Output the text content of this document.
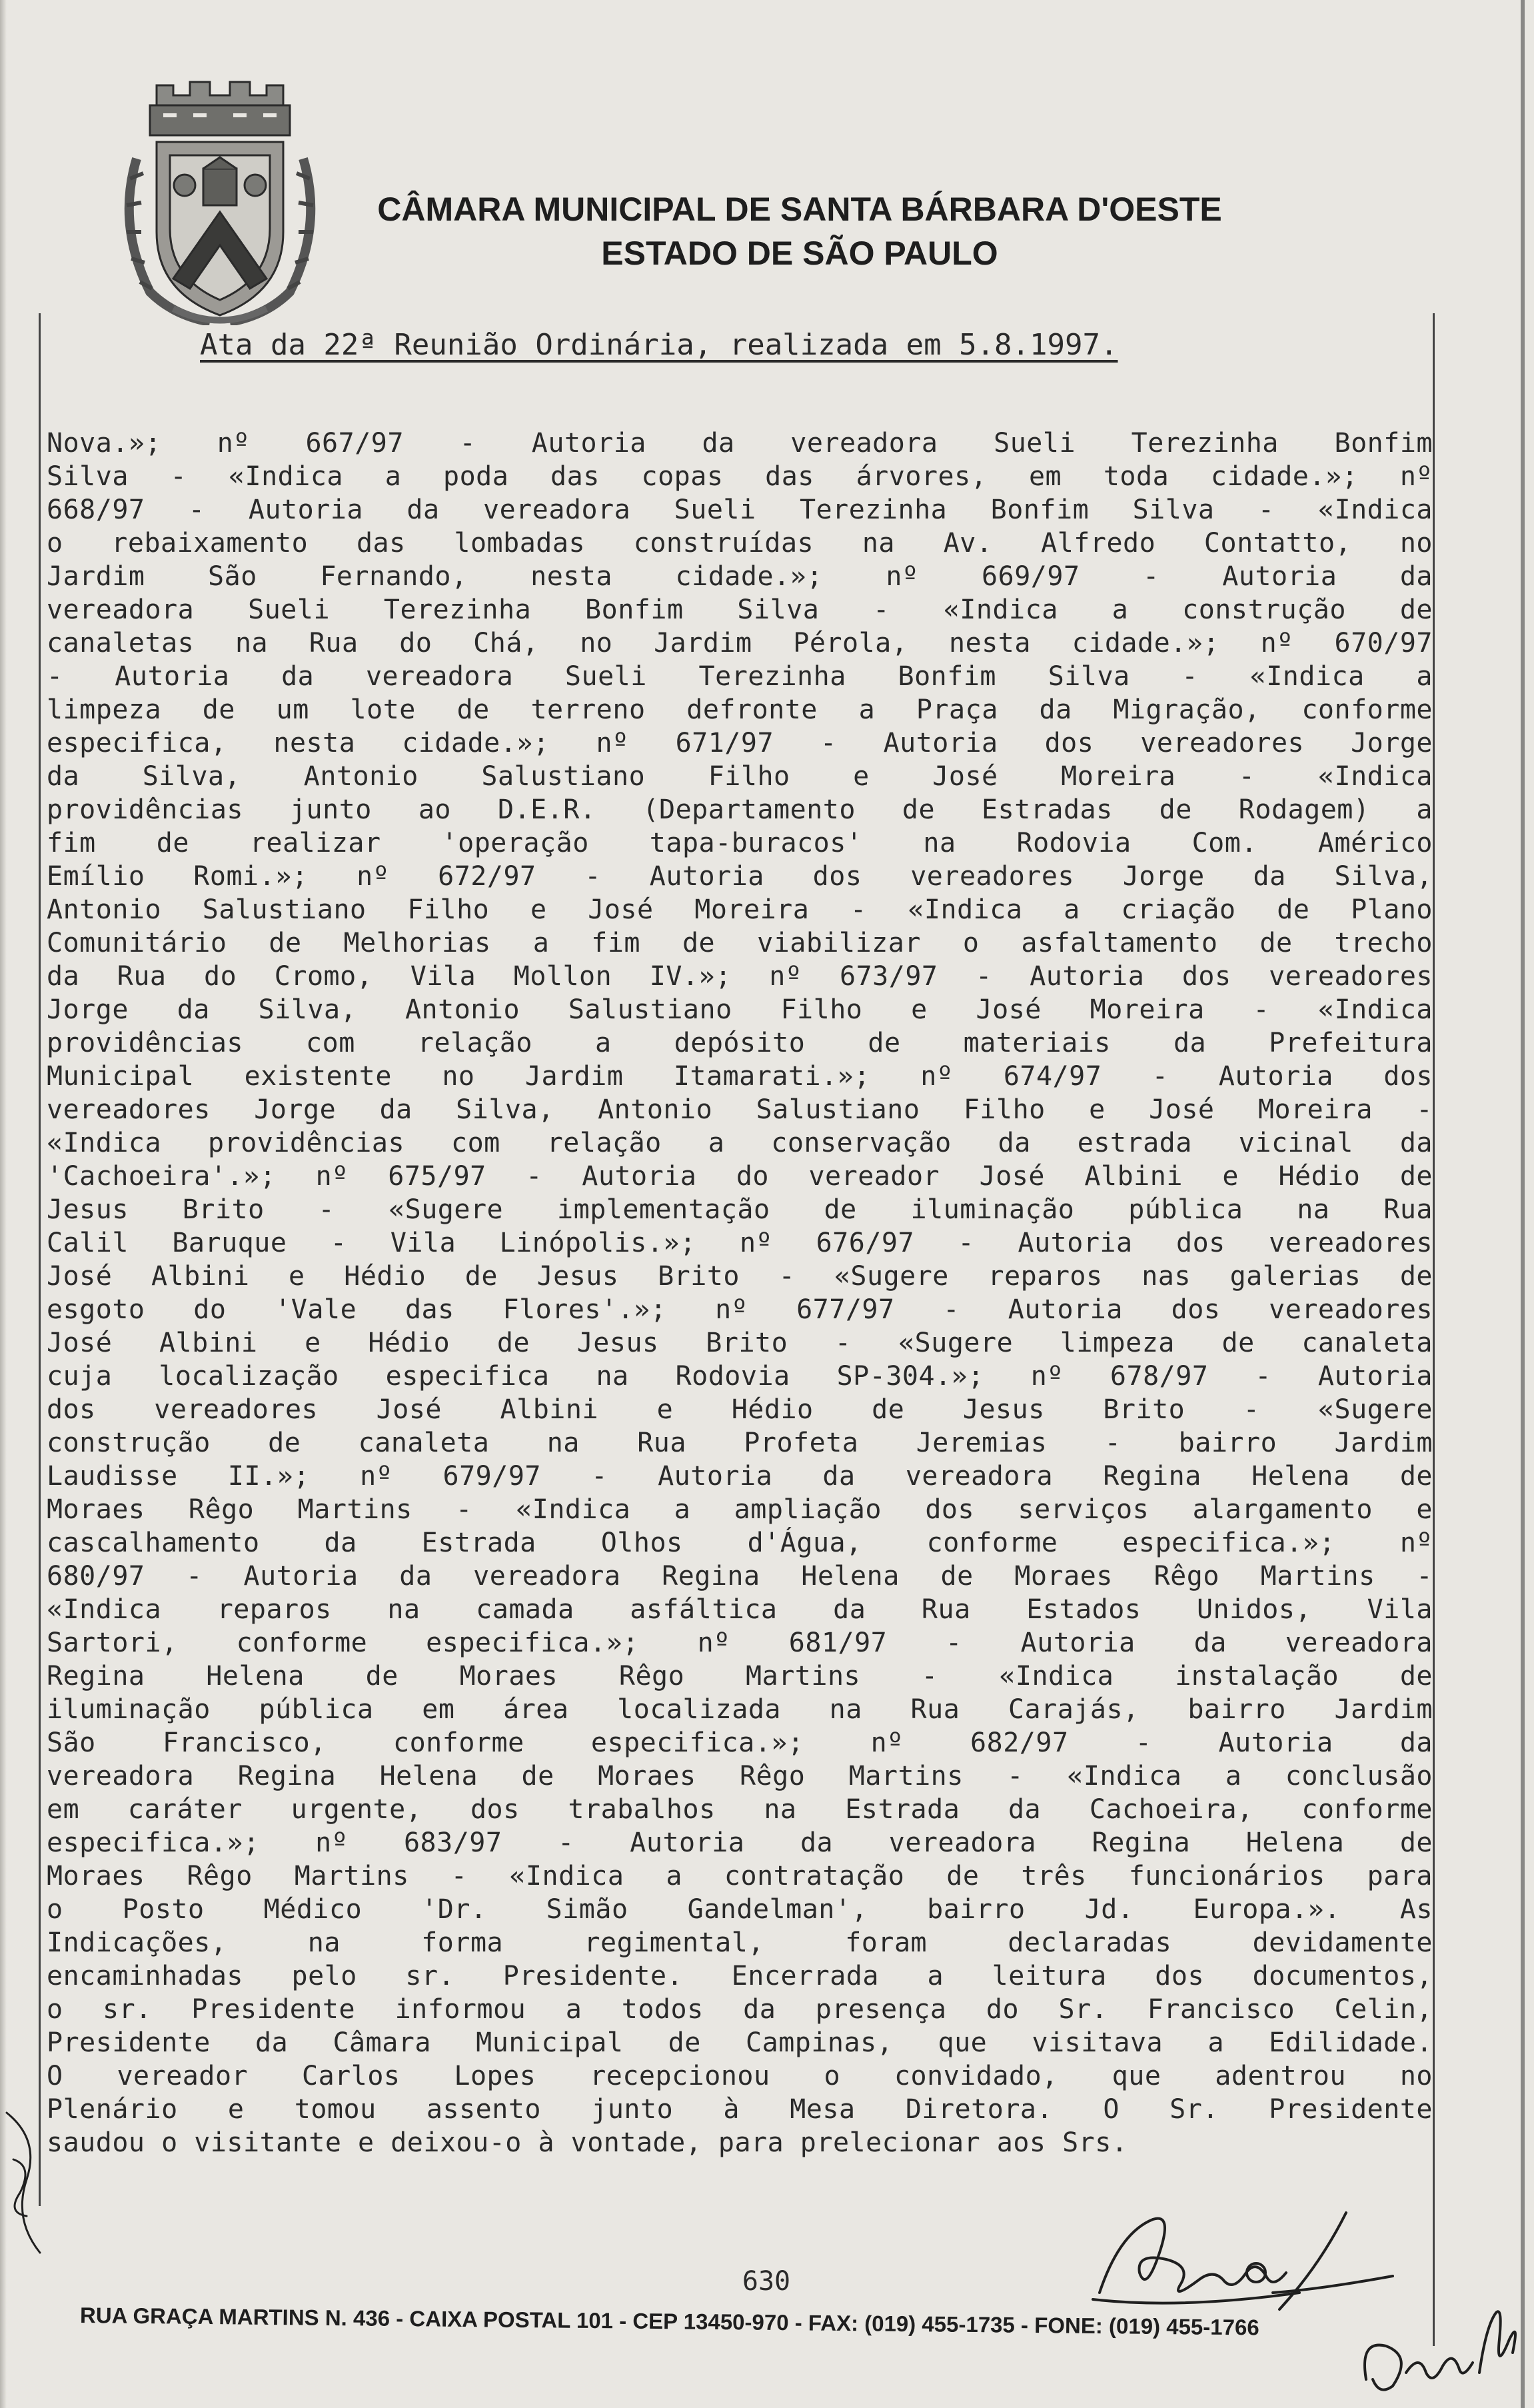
CÂMARA MUNICIPAL DE SANTA BÁRBARA D'OESTE
ESTADO DE SÃO PAULO
Ata da 22ª Reunião Ordinária, realizada em 5.8.1997.
Nova.»; nº 667/97 - Autoria da vereadora Sueli Terezinha Bonfim
Silva - «Indica a poda das copas das árvores, em toda cidade.»; nº
668/97 - Autoria da vereadora Sueli Terezinha Bonfim Silva - «Indica
o rebaixamento das lombadas construídas na Av. Alfredo Contatto, no
Jardim São Fernando, nesta cidade.»; nº 669/97 - Autoria da
vereadora Sueli Terezinha Bonfim Silva - «Indica a construção de
canaletas na Rua do Chá, no Jardim Pérola, nesta cidade.»; nº 670/97
- Autoria da vereadora Sueli Terezinha Bonfim Silva - «Indica a
limpeza de um lote de terreno defronte a Praça da Migração, conforme
especifica, nesta cidade.»; nº 671/97 - Autoria dos vereadores Jorge
da Silva, Antonio Salustiano Filho e José Moreira - «Indica
providências junto ao D.E.R. (Departamento de Estradas de Rodagem) a
fim de realizar 'operação tapa-buracos' na Rodovia Com. Américo
Emílio Romi.»; nº 672/97 - Autoria dos vereadores Jorge da Silva,
Antonio Salustiano Filho e José Moreira - «Indica a criação de Plano
Comunitário de Melhorias a fim de viabilizar o asfaltamento de trecho
da Rua do Cromo, Vila Mollon IV.»; nº 673/97 - Autoria dos vereadores
Jorge da Silva, Antonio Salustiano Filho e José Moreira - «Indica
providências com relação a depósito de materiais da Prefeitura
Municipal existente no Jardim Itamarati.»; nº 674/97 - Autoria dos
vereadores Jorge da Silva, Antonio Salustiano Filho e José Moreira -
«Indica providências com relação a conservação da estrada vicinal da
'Cachoeira'.»; nº 675/97 - Autoria do vereador José Albini e Hédio de
Jesus Brito - «Sugere implementação de iluminação pública na Rua
Calil Baruque - Vila Linópolis.»; nº 676/97 - Autoria dos vereadores
José Albini e Hédio de Jesus Brito - «Sugere reparos nas galerias de
esgoto do 'Vale das Flores'.»; nº 677/97 - Autoria dos vereadores
José Albini e Hédio de Jesus Brito - «Sugere limpeza de canaleta
cuja localização especifica na Rodovia SP-304.»; nº 678/97 - Autoria
dos vereadores José Albini e Hédio de Jesus Brito - «Sugere
construção de canaleta na Rua Profeta Jeremias - bairro Jardim
Laudisse II.»; nº 679/97 - Autoria da vereadora Regina Helena de
Moraes Rêgo Martins - «Indica a ampliação dos serviços alargamento e
cascalhamento da Estrada Olhos d'Água, conforme especifica.»; nº
680/97 - Autoria da vereadora Regina Helena de Moraes Rêgo Martins -
«Indica reparos na camada asfáltica da Rua Estados Unidos, Vila
Sartori, conforme especifica.»; nº 681/97 - Autoria da vereadora
Regina Helena de Moraes Rêgo Martins - «Indica instalação de
iluminação pública em área localizada na Rua Carajás, bairro Jardim
São Francisco, conforme especifica.»; nº 682/97 - Autoria da
vereadora Regina Helena de Moraes Rêgo Martins - «Indica a conclusão
em caráter urgente, dos trabalhos na Estrada da Cachoeira, conforme
especifica.»; nº 683/97 - Autoria da vereadora Regina Helena de
Moraes Rêgo Martins - «Indica a contratação de três funcionários para
o Posto Médico 'Dr. Simão Gandelman', bairro Jd. Europa.». As
Indicações, na forma regimental, foram declaradas devidamente
encaminhadas pelo sr. Presidente. Encerrada a leitura dos documentos,
o sr. Presidente informou a todos da presença do Sr. Francisco Celin,
Presidente da Câmara Municipal de Campinas, que visitava a Edilidade.
O vereador Carlos Lopes recepcionou o convidado, que adentrou no
Plenário e tomou assento junto à Mesa Diretora. O Sr. Presidente
saudou o visitante e deixou-o à vontade, para prelecionar aos Srs.
630
RUA GRAÇA MARTINS N. 436 - CAIXA POSTAL 101 - CEP 13450-970 - FAX: (019) 455-1735 - FONE: (019) 455-1766
